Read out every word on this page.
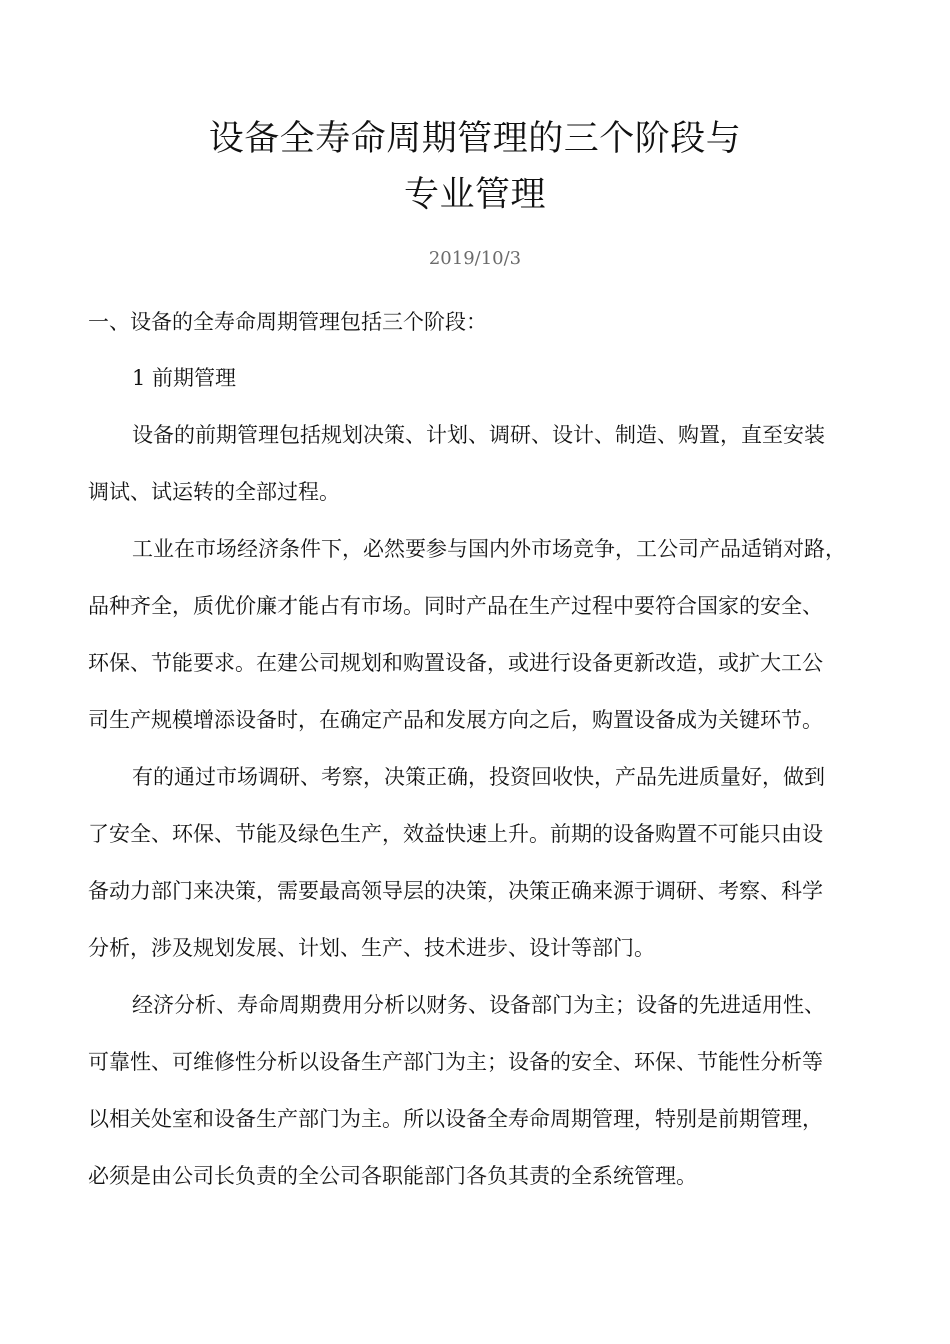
设备全寿命周期管理的三个阶段与
专业管理
2019/10/3
一、设备的全寿命周期管理包括三个阶段：
1 前期管理
设备的前期管理包括规划决策、计划、调研、设计、制造、购置，直至安装
调试、试运转的全部过程。
工业在市场经济条件下，必然要参与国内外市场竞争，工公司产品适销对路，
品种齐全，质优价廉才能占有市场。同时产品在生产过程中要符合国家的安全、
环保、节能要求。在建公司规划和购置设备，或进行设备更新改造，或扩大工公
司生产规模增添设备时，在确定产品和发展方向之后，购置设备成为关键环节。
有的通过市场调研、考察，决策正确，投资回收快，产品先进质量好，做到
了安全、环保、节能及绿色生产，效益快速上升。前期的设备购置不可能只由设
备动力部门来决策，需要最高领导层的决策，决策正确来源于调研、考察、科学
分析，涉及规划发展、计划、生产、技术进步、设计等部门。
经济分析、寿命周期费用分析以财务、设备部门为主；设备的先进适用性、
可靠性、可维修性分析以设备生产部门为主；设备的安全、环保、节能性分析等
以相关处室和设备生产部门为主。所以设备全寿命周期管理，特别是前期管理，
必须是由公司长负责的全公司各职能部门各负其责的全系统管理。
